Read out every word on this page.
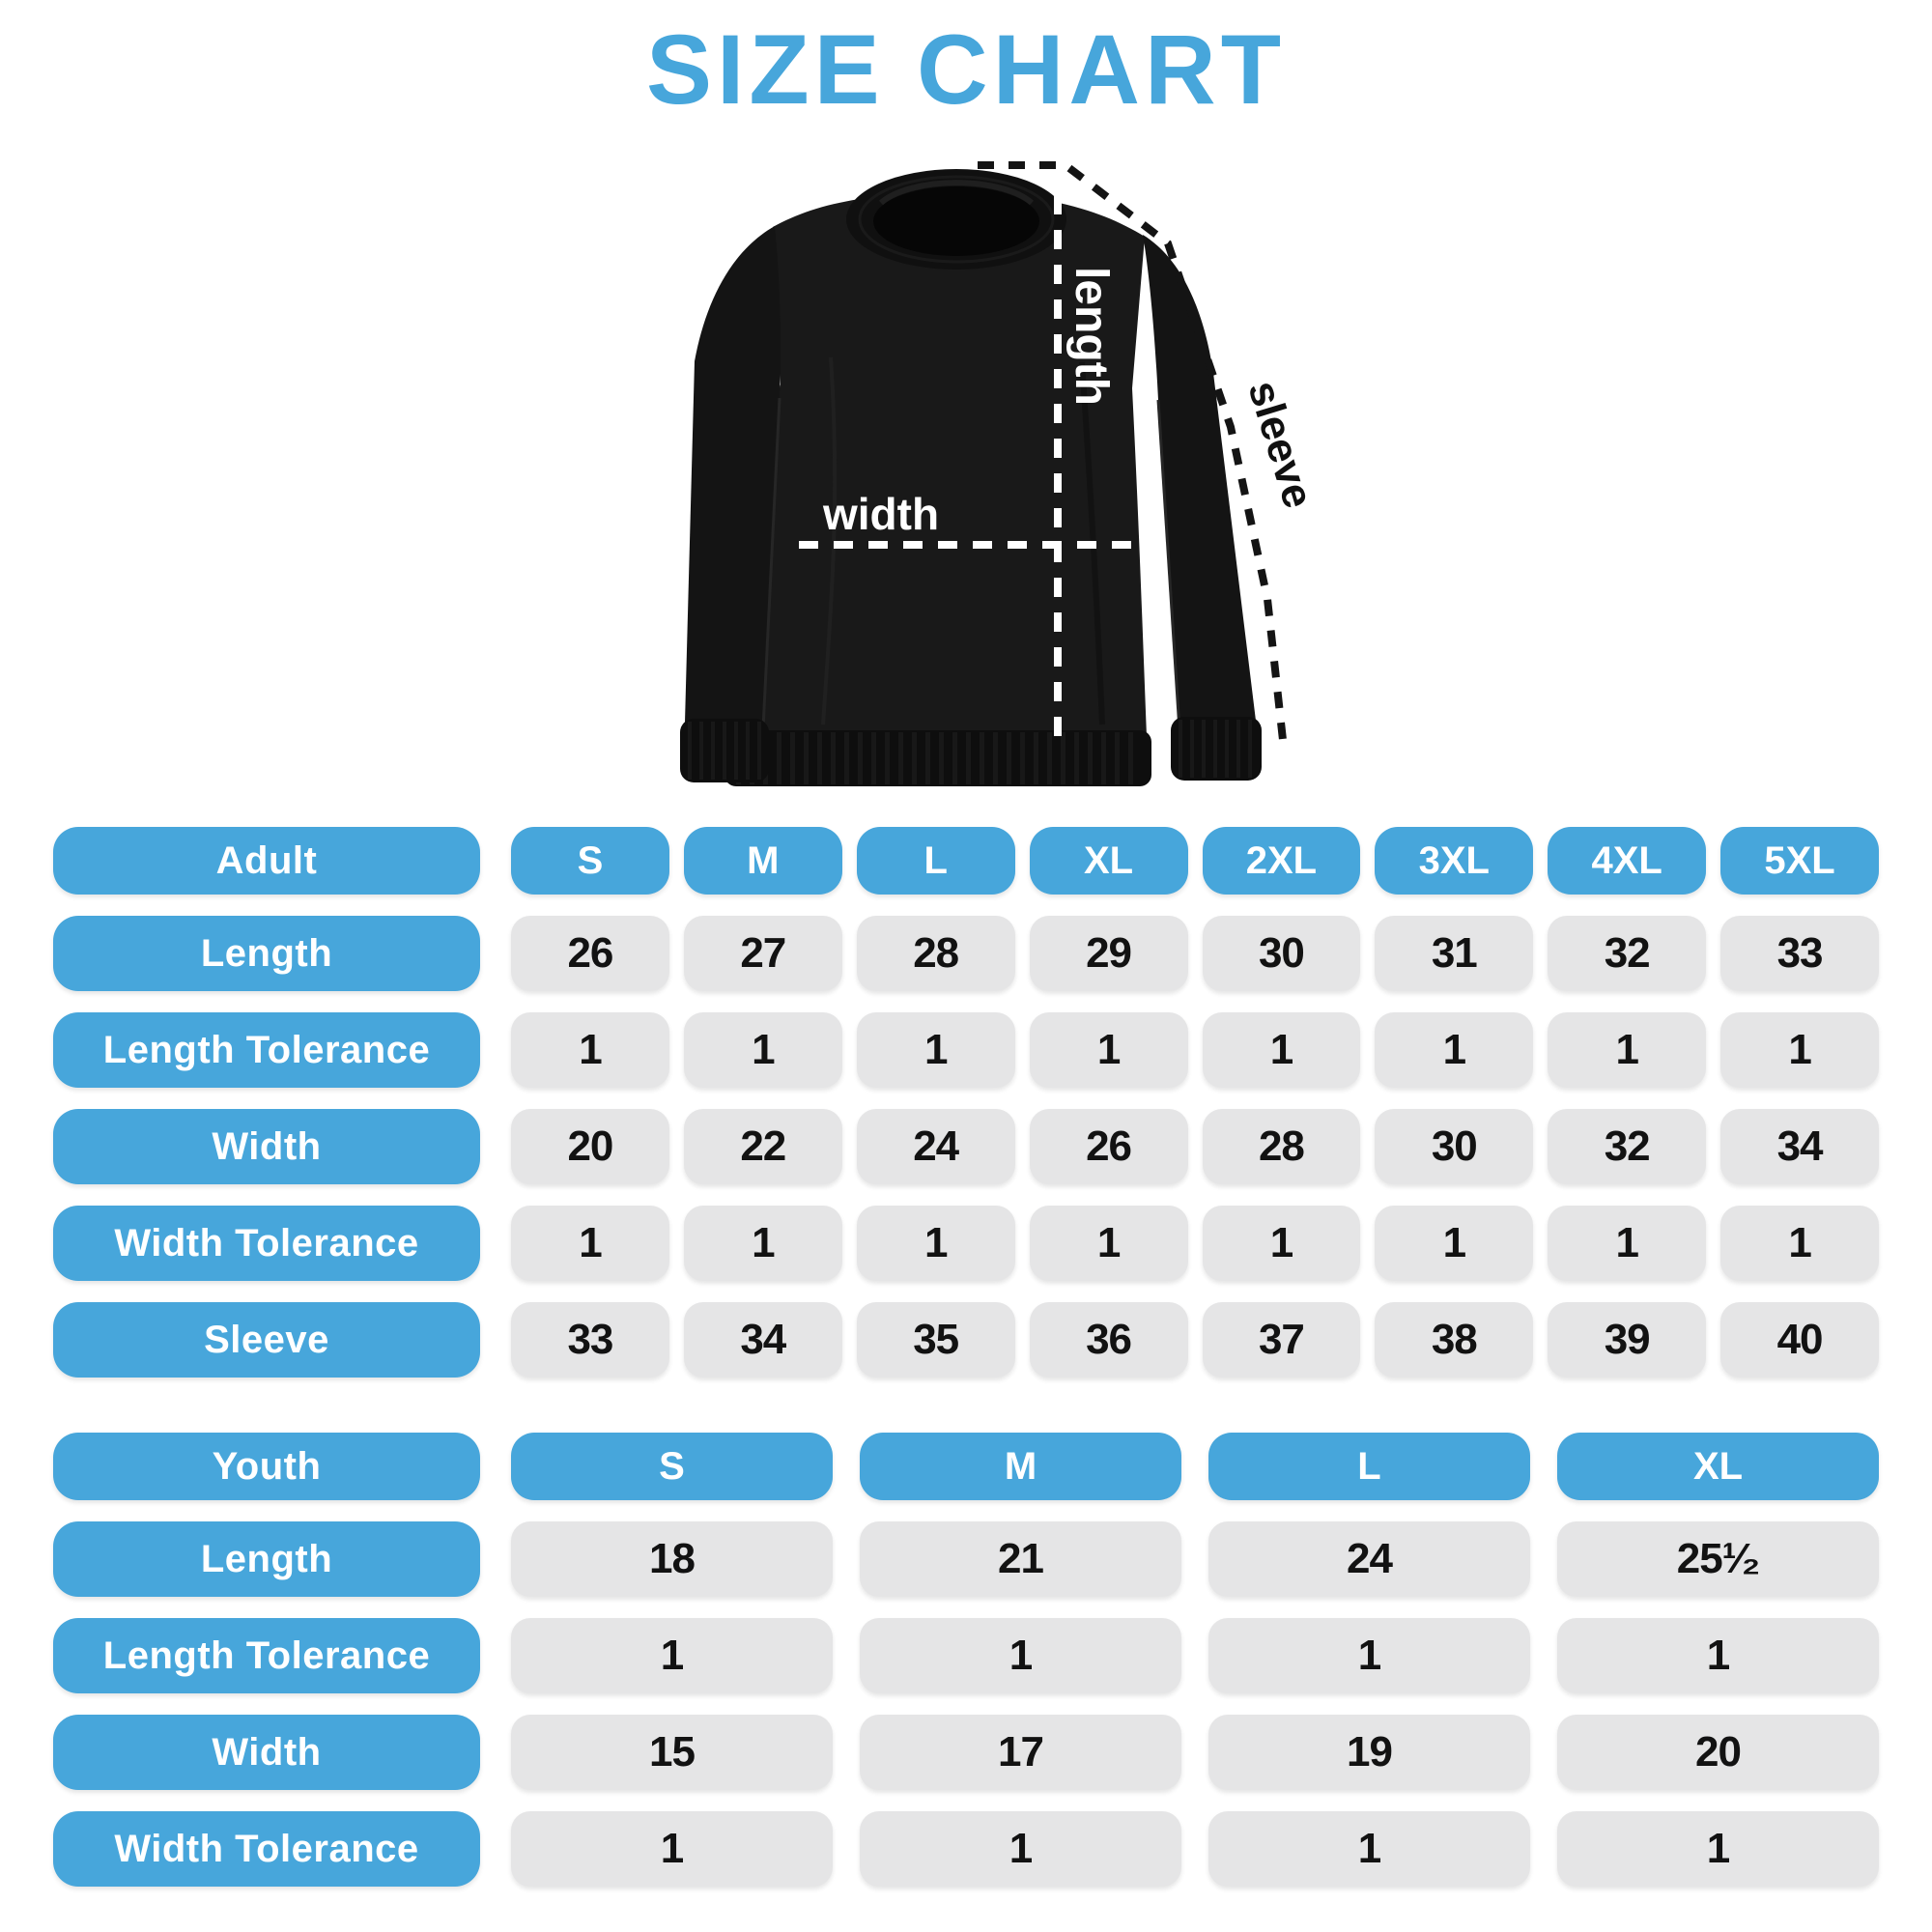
SIZE CHART
width
length
sleeve
Adult	S	M	L	XL	2XL	3XL	4XL	5XL
Length	26	27	28	29	30	31	32	33
Length Tolerance	1	1	1	1	1	1	1	1
Width	20	22	24	26	28	30	32	34
Width Tolerance	1	1	1	1	1	1	1	1
Sleeve	33	34	35	36	37	38	39	40
Youth	S	M	L	XL
Length	18	21	24	25¹⁄₂
Length Tolerance	1	1	1	1
Width	15	17	19	20
Width Tolerance	1	1	1	1
